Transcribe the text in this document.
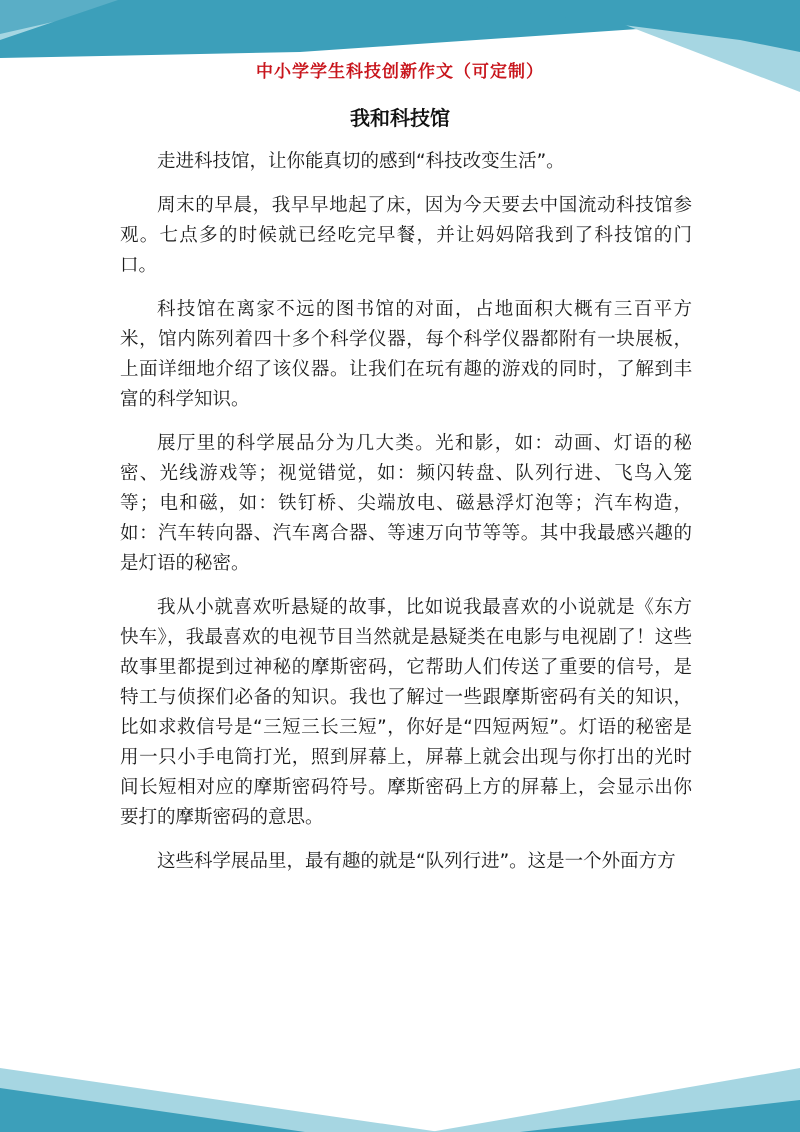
中小学学生科技创新作文（可定制）
我和科技馆

走进科技馆，让你能真切的感到“科技改变生活”。

周末的早晨，我早早地起了床，因为今天要去中国流动科技馆参观。七点多的时候就已经吃完早餐，并让妈妈陪我到了科技馆的门口。

科技馆在离家不远的图书馆的对面，占地面积大概有三百平方米，馆内陈列着四十多个科学仪器，每个科学仪器都附有一块展板，上面详细地介绍了该仪器。让我们在玩有趣的游戏的同时，了解到丰富的科学知识。

展厅里的科学展品分为几大类。光和影，如：动画、灯语的秘密、光线游戏等；视觉错觉，如：频闪转盘、队列行进、飞鸟入笼等；电和磁，如：铁钉桥、尖端放电、磁悬浮灯泡等；汽车构造，如：汽车转向器、汽车离合器、等速万向节等等。其中我最感兴趣的是灯语的秘密。

我从小就喜欢听悬疑的故事，比如说我最喜欢的小说就是《东方快车》，我最喜欢的电视节目当然就是悬疑类在电影与电视剧了！这些故事里都提到过神秘的摩斯密码，它帮助人们传送了重要的信号，是特工与侦探们必备的知识。我也了解过一些跟摩斯密码有关的知识，比如求救信号是“三短三长三短”，你好是“四短两短”。灯语的秘密是用一只小手电筒打光，照到屏幕上，屏幕上就会出现与你打出的光时间长短相对应的摩斯密码符号。摩斯密码上方的屏幕上，会显示出你要打的摩斯密码的意思。

这些科学展品里，最有趣的就是“队列行进”。这是一个外面方方
